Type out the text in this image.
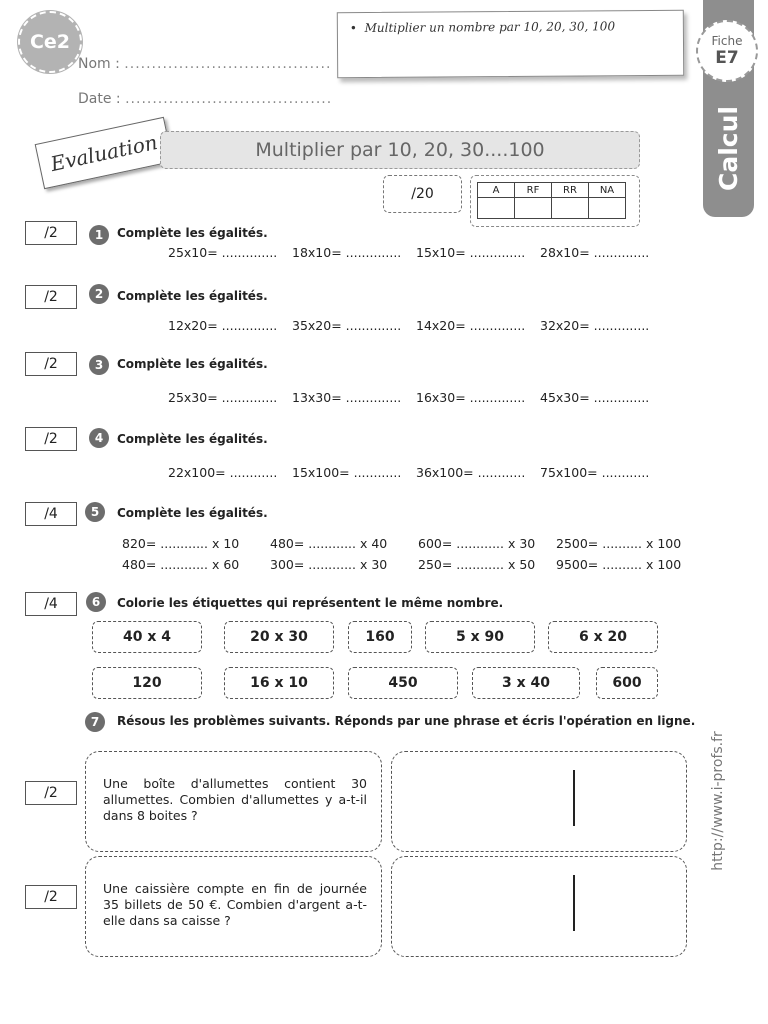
Ce2
Nom : ......................................
Date : ......................................
• Multiplier un nombre par 10, 20, 30, 100
Calcul
Fiche
E7
Evaluation	Multiplier par 10, 20, 30....100
/20	A	RF	RR	NA

/2	1	Complète les égalités.
25x10= .............. 18x10= .............. 15x10= .............. 28x10= ..............
/2	2	Complète les égalités.
12x20= .............. 35x20= .............. 14x20= .............. 32x20= ..............
/2	3	Complète les égalités.
25x30= .............. 13x30= .............. 16x30= .............. 45x30= ..............
/2	4	Complète les égalités.
22x100= ............ 15x100= ............ 36x100= ............ 75x100= ............
/4	5	Complète les égalités.
820= ............ x 10 480= ............ x 40 600= ............ x 30 2500= .......... x 100
480= ............ x 60 300= ............ x 30 250= ............ x 50 9500= .......... x 100
/4	6	Colorie les étiquettes qui représentent le même nombre.
40 x 4	20 x 30	160	5 x 90	6 x 20
120	16 x 10	450	3 x 40	600
7	Résous les problèmes suivants. Réponds par une phrase et écris l'opération en ligne.
/2
Une boîte d'allumettes contient 30 allumettes. Combien d'allumettes y a-t-il dans 8 boites ?
/2
Une caissière compte en fin de journée 35 billets de 50 €. Combien d'argent a-t-elle dans sa caisse ?
http://www.i-profs.fr
